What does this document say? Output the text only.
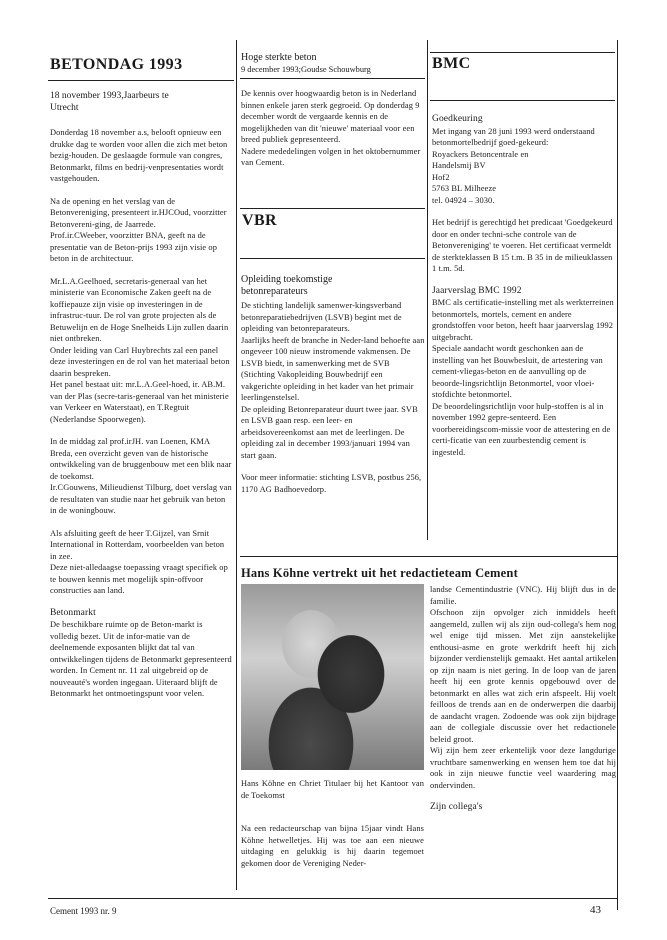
BETONDAG 1993

18 november 1993,Jaarbeurs te
Utrecht

Donderdag 18 november a.s, belooft opnieuw een drukke dag te worden voor allen die zich met beton bezig-houden. De geslaagde formule van congres, Betonmarkt, films en bedrij-venpresentaties wordt vastgehouden.

Na de opening en het verslag van de Betonvereniging, presenteert ir.HJCOud, voorzitter Betonvereni-ging, de Jaarrede.
Prof.ir.CWeeber, voorzitter BNA, geeft na de presentatie van de Beton-prijs 1993 zijn visie op beton in de architectuur.

Mr.L.A.Geelhoed, secretaris-generaal van het ministerie van Economische Zaken geeft na de koffiepauze zijn visie op investeringen in de infrastruc-tuur. De rol van grote projecten als de Betuwelijn en de Hoge Snelheids Lijn zullen daarin niet ontbreken.
Onder leiding van Carl Huybrechts zal een panel deze investeringen en de rol van het materiaal beton daarin bespreken.
Het panel bestaat uit: mr.L.A.Geel-hoed, ir. AB.M. van der Plas (secre-taris-generaal van het ministerie van Verkeer en Waterstaat), en T.Regtuit (Nederlandse Spoorwegen).

In de middag zal prof.irJH. van Loenen, KMA Breda, een overzicht geven van de historische ontwikkeling van de bruggenbouw met een blik naar de toekomst.
Ir.CGouwens, Milieudienst Tilburg, doet verslag van de resultaten van studie naar het gebruik van beton in de woningbouw.

Als afsluiting geeft de heer T.Gijzel, van Srnit International in Rotterdam, voorbeelden van beton in zee.
Deze niet-alledaagse toepassing vraagt specifiek op te bouwen kennis met mogelijk spin-offvoor constructies aan land.

Betonmarkt

De beschikbare ruimte op de Beton-markt is volledig bezet. Uit de infor-matie van de deelnemende exposanten blijkt dat tal van ontwikkelingen tijdens de Betonmarkt gepresenteerd worden. In Cement nr. 11 zal uitgebreid op de nouveauté's worden ingegaan. Uiteraard blijft de Betonmarkt het ontmoetingspunt voor velen.

Hoge sterkte beton

9 december 1993;Goudse Schouwburg

De kennis over hoogwaardig beton is in Nederland binnen enkele jaren sterk gegroeid. Op donderdag 9 december wordt de vergaarde kennis en de mogelijkheden van dit 'nieuwe' materiaal voor een breed publiek gepresenteerd.
Nadere mededelingen volgen in het oktobernummer van Cement.

VBR

Opleiding toekomstige
betonreparateurs

De stichting landelijk samenwer-kingsverband betonreparatiebedrijven (LSVB) begint met de opleiding van betonreparateurs.
Jaarlijks heeft de branche in Neder-land behoefte aan ongeveer 100 nieuw instromende vakmensen. De LSVB biedt, in samenwerking met de SVB (Stichting Vakopleiding Bouwbedrijf een vakgerichte opleiding in het kader van het primair leerlingenstelsel.
De opleiding Betonreparateur duurt twee jaar. SVB en LSVB gaan resp. een leer- en arbeidsovereenkomst aan met de leerlingen. De opleiding zal in december 1993/januari 1994 van start gaan.

Voor meer informatie: stichting LSVB, postbus 256, 1170 AG Badhoevedorp.

BMC

Goedkeuring

Met ingang van 28 juni 1993 werd onderstaand betonmortelbedrijf goed-gekeurd:

Royackers Betoncentrale en
Handelsmij BV
Hof2
5763 BL Milheeze
tel. 04924 – 3030.

Het bedrijf is gerechtigd het predicaat 'Goedgekeurd door en onder techni-sche controle van de Betonvereniging' te voeren. Het certificaat vermeldt de sterkteklassen B 15 t.m. B 35 in de milieuklassen 1 t.m. 5d.

Jaarverslag BMC 1992

BMC als certificatie-instelling met als werkterreinen betonmortels, mortels, cement en andere grondstoffen voor beton, heeft haar jaarverslag 1992 uitgebracht.
Speciale aandacht wordt geschonken aan de instelling van het Bouwbesluit, de artestering van cement-vliegas-beton en de aanvulling op de beoorde-lingsrichtlijn Betonmortel, voor vloei-stofdichte betonmortel.
De beoordelingsrichtlijn voor hulp-stoffen is al in november 1992 gepre-senteerd. Een voorbereidingscom-missie voor de attestering en de certi-ficatie van een zuurbestendig cement is ingesteld.

Hans Köhne vertrekt uit het redactieteam Cement

Hans Köhne en Chriet Titulaer bij het Kantoor van de Toekomst

Na een redacteurschap van bijna 15jaar vindt Hans Köhne hetwelletjes. Hij was toe aan een nieuwe uitdaging en gelukkig is hij daarin tegemoet gekomen door de Vereniging Neder-

landse Cementindustrie (VNC). Hij blijft dus in de familie.
Ofschoon zijn opvolger zich inmiddels heeft aangemeld, zullen wij als zijn oud-collega's hem nog wel enige tijd missen. Met zijn aanstekelijke enthousi-asme en grote werkdrift heeft hij zich bijzonder verdienstelijk gemaakt. Het aantal artikelen op zijn naam is niet gering. In de loop van de jaren heeft hij een grote kennis opgebouwd over de betonmarkt en alles wat zich erin afspeelt. Hij voelt feilloos de trends aan en de onderwerpen die daarbij de aandacht vragen. Zodoende was ook zijn bijdrage aan de collegiale discussie over het redactionele beleid groot.
Wij zijn hem zeer erkentelijk voor deze langdurige vruchtbare samenwerking en wensen hem toe dat hij ook in zijn nieuwe functie veel waardering mag ondervinden.

Zijn collega's

Cement 1993 nr. 9	43
